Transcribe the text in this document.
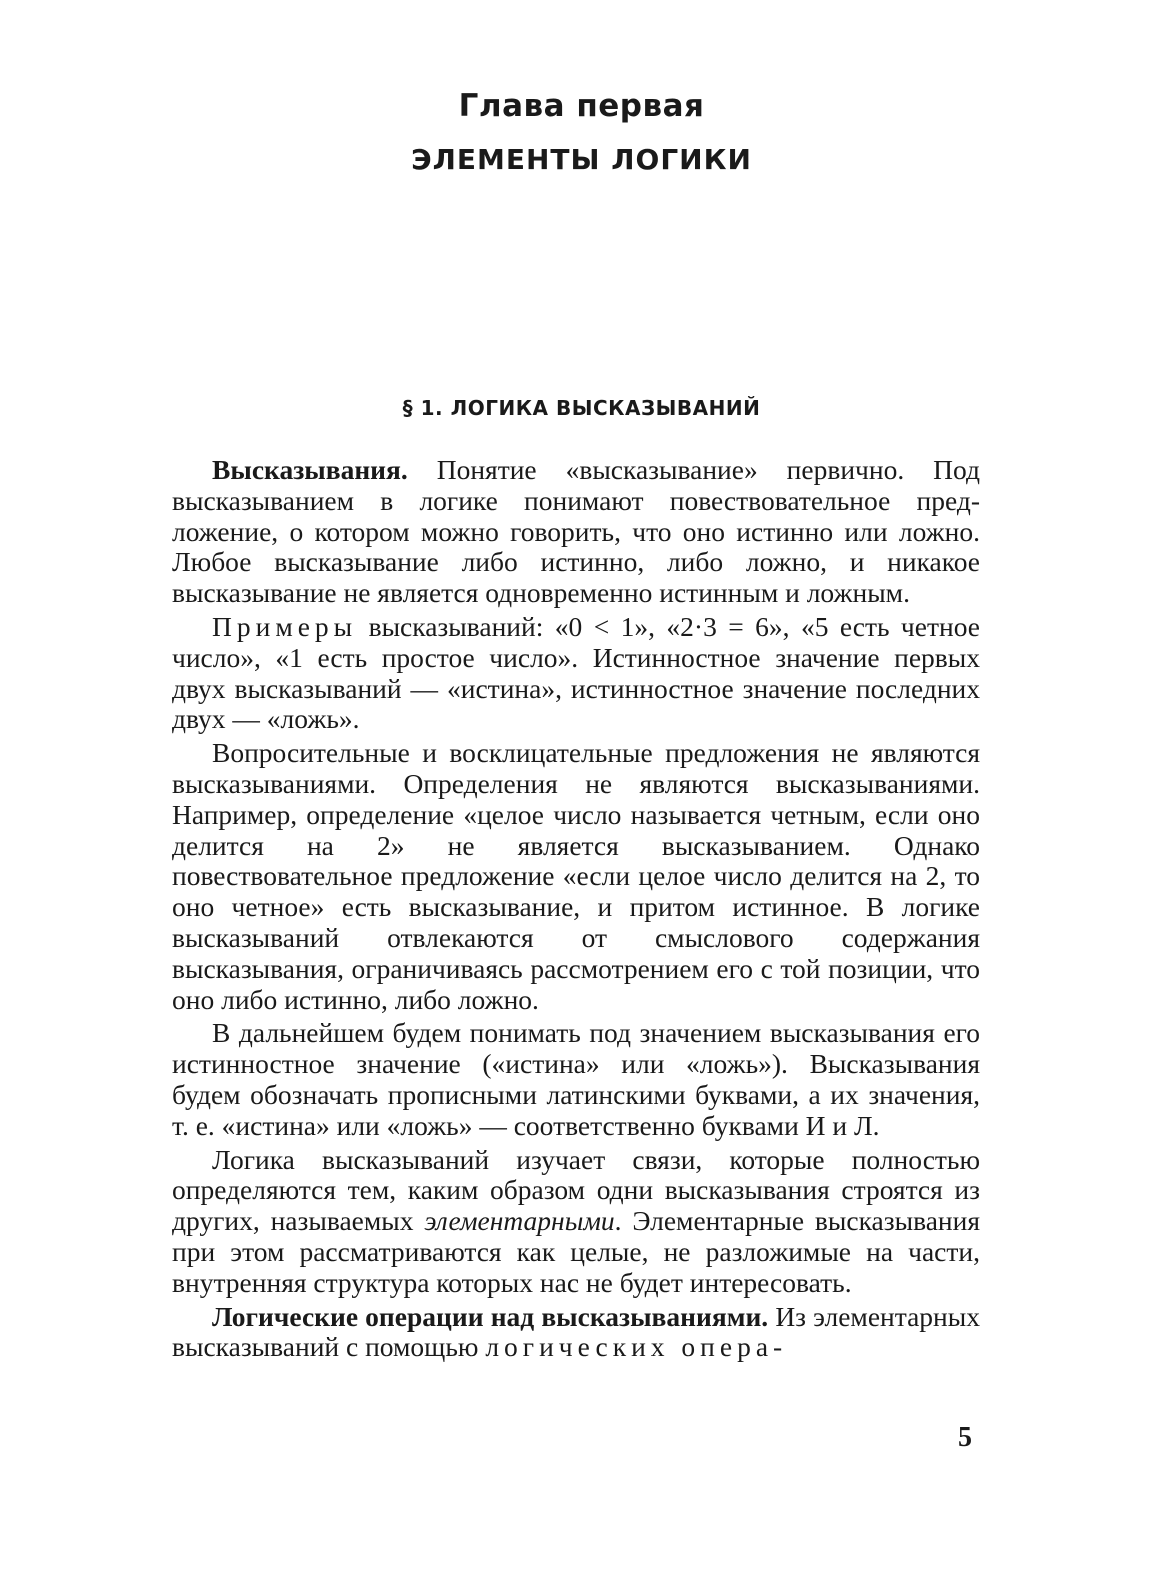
Глава первая
ЭЛЕМЕНТЫ ЛОГИКИ
§ 1. ЛОГИКА ВЫСКАЗЫВАНИЙ

Высказывания. Понятие «высказывание» первично. Под высказыванием в логике понимают повествовательное предложение, о котором можно говорить, что оно истинно или ложно. Любое высказывание либо истинно, либо ложно, и никакое высказывание не является одновременно истинным и ложным.

Примеры высказываний: «0 < 1», «2·3 = 6», «5 есть четное число», «1 есть простое число». Истинностное значение первых двух высказываний — «истина», истинностное значение последних двух — «ложь».

Вопросительные и восклицательные предложения не являются высказываниями. Определения не являются высказываниями. Например, определение «целое число называется четным, если оно делится на 2» не является высказыванием. Однако повествовательное предложение «если целое число делится на 2, то оно четное» есть высказывание, и притом истинное. В логике высказываний отвлекаются от смыслового содержания высказывания, ограничиваясь рассмотрением его с той позиции, что оно либо истинно, либо ложно.

В дальнейшем будем понимать под значением высказывания его истинностное значение («истина» или «ложь»). Высказывания будем обозначать прописными латинскими буквами, а их значения, т. е. «истина» или «ложь» — соответственно буквами И и Л.

Логика высказываний изучает связи, которые полностью определяются тем, каким образом одни высказывания строятся из других, называемых элементарными. Элементарные высказывания при этом рассматриваются как целые, не разложимые на части, внутренняя структура которых нас не будет интересовать.

Логические операции над высказываниями. Из элементарных высказываний с помощью логических опера-

5
